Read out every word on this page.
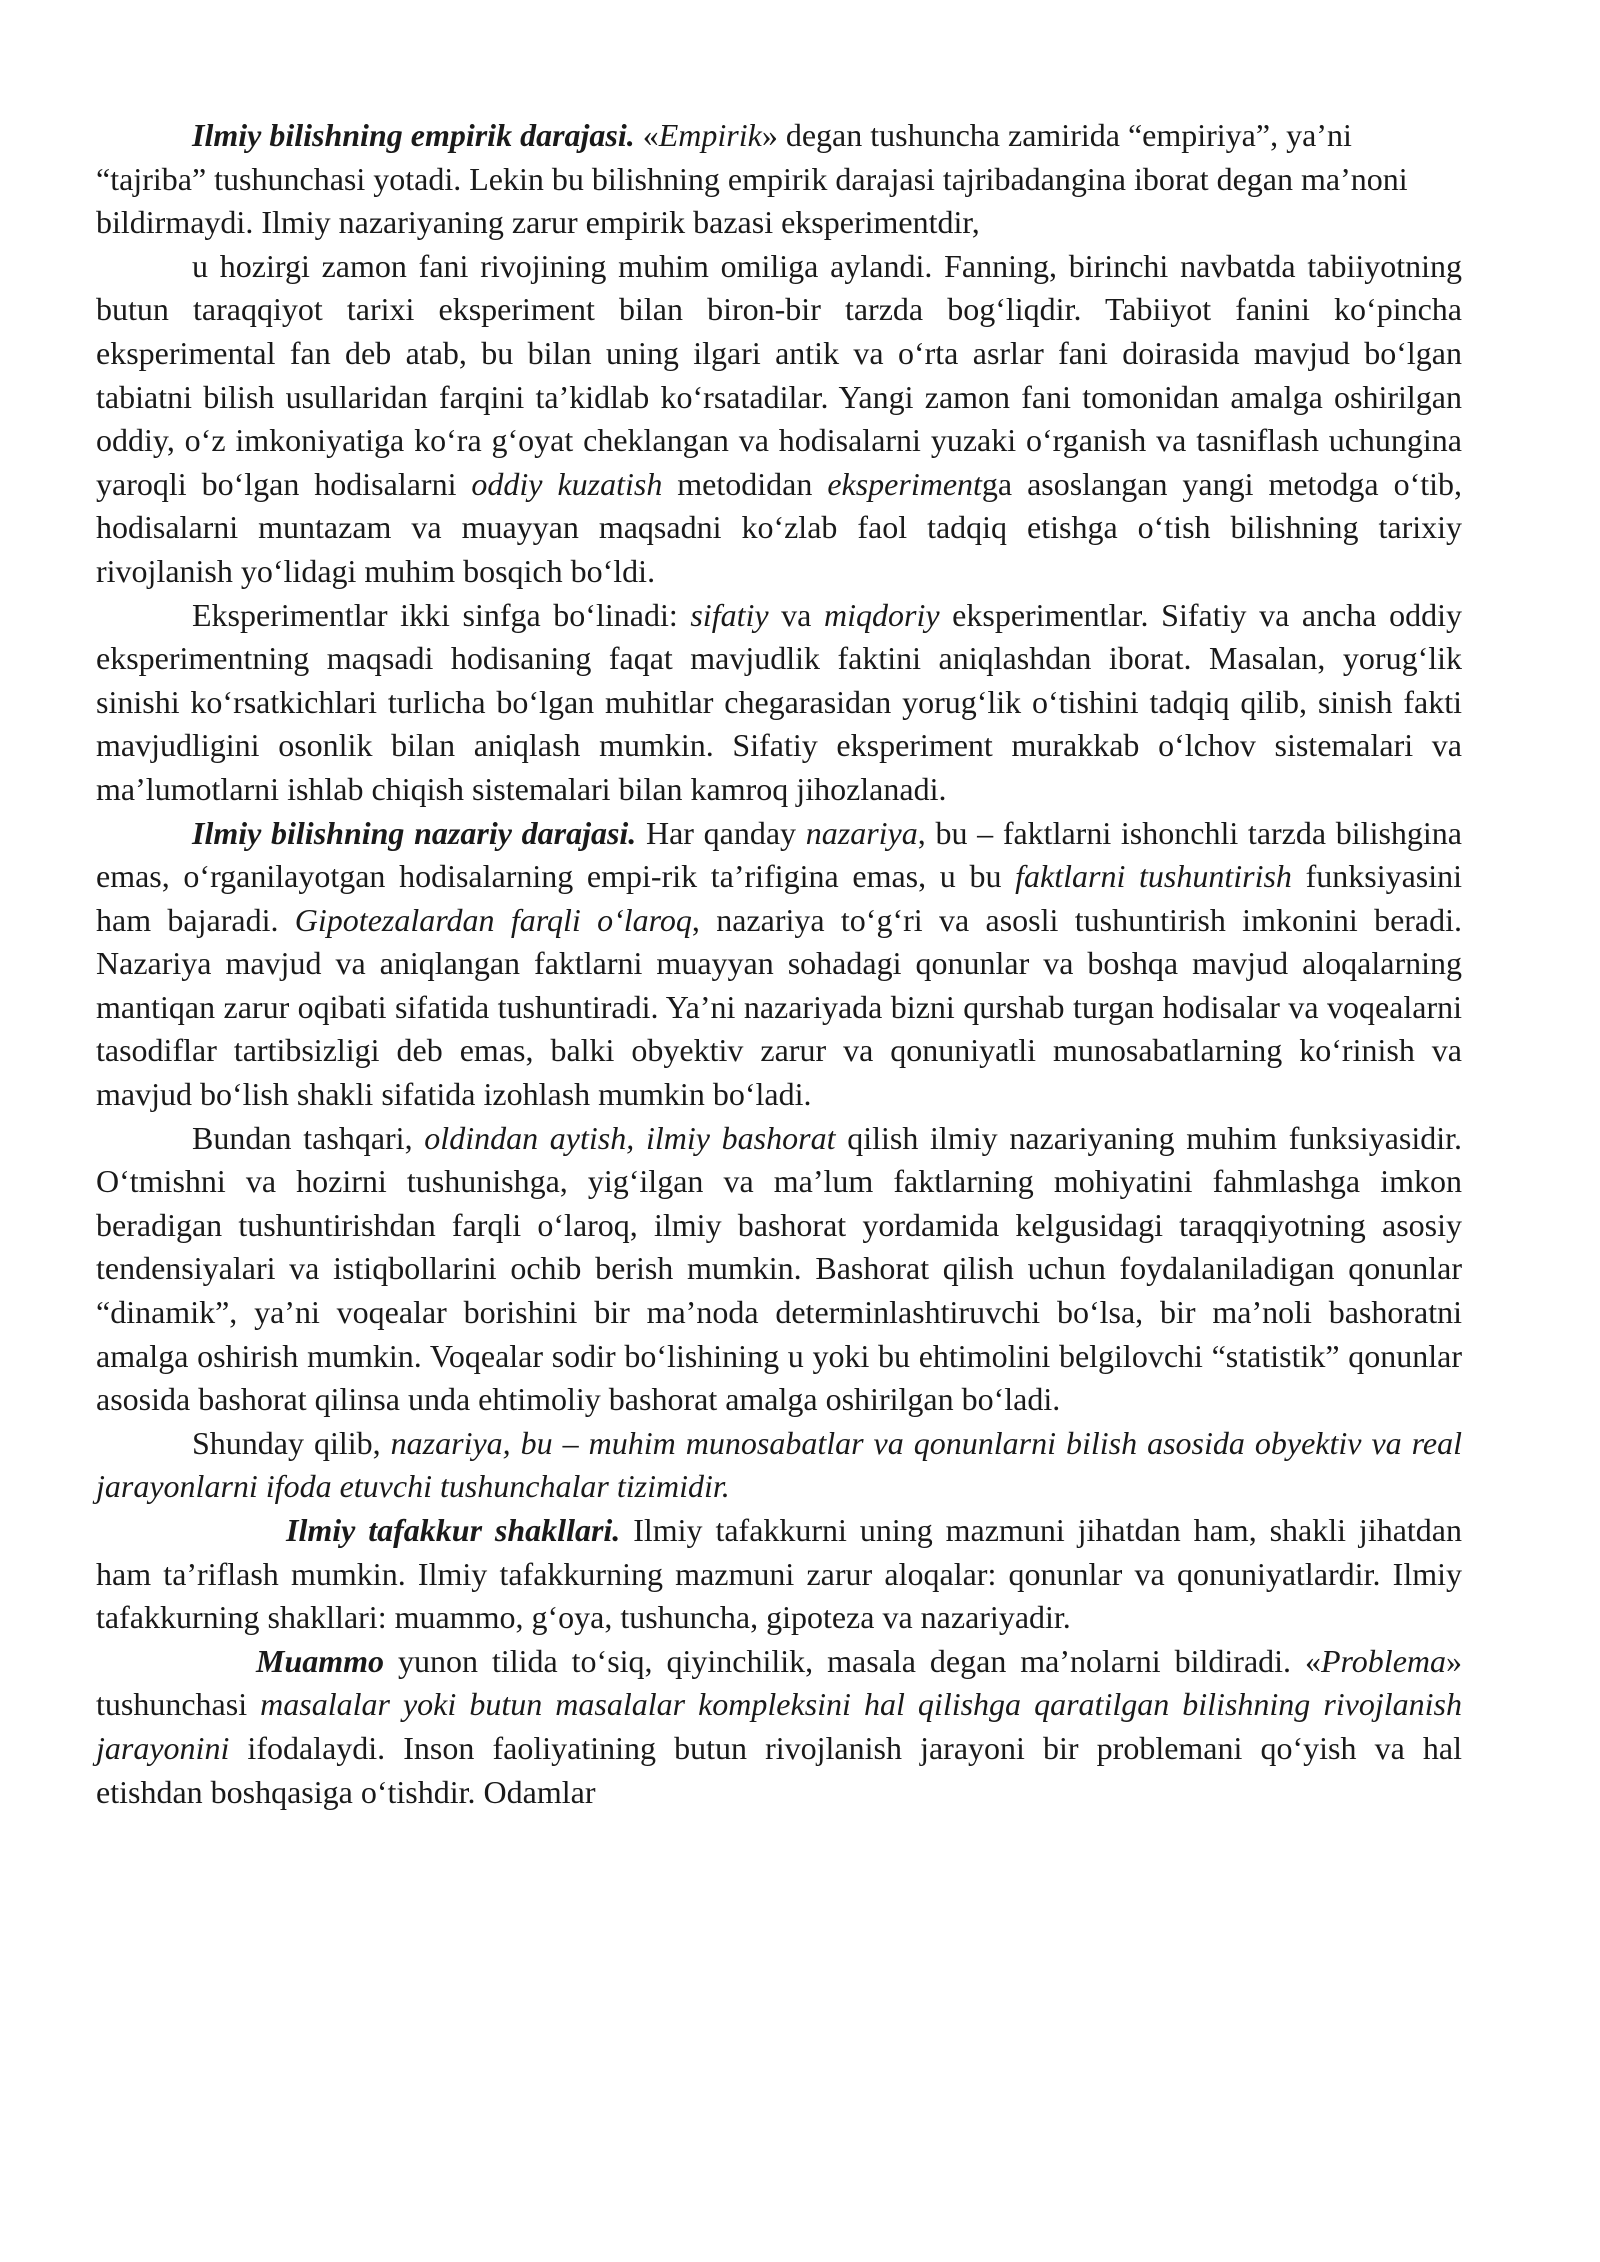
Ilmiy bilishning empirik darajasi. «Empirik» degan tushuncha zamirida “empiriya”, ya’ni “tajriba” tushunchasi yotadi. Lekin bu bilishning empirik darajasi tajribadangina iborat degan ma’noni bildirmaydi. Ilmiy nazariyaning zarur empirik bazasi eksperimentdir,

u hozirgi zamon fani rivojining muhim omiliga aylandi. Fanning, birinchi navbatda tabiiyotning butun taraqqiyot tarixi eksperiment bilan biron-bir tarzda bog‘liqdir. Tabiiyot fanini ko‘pincha eksperimental fan deb atab, bu bilan uning ilgari antik va o‘rta asrlar fani doirasida mavjud bo‘lgan tabiatni bilish usullaridan farqini ta’kidlab ko‘rsatadilar. Yangi zamon fani tomonidan amalga oshirilgan oddiy, o‘z imkoniyatiga ko‘ra g‘oyat cheklangan va hodisalarni yuzaki o‘rganish va tasniflash uchungina yaroqli bo‘lgan hodisalarni oddiy kuzatish metodidan eksperimentga asoslangan yangi metodga o‘tib, hodisalarni muntazam va muayyan maqsadni ko‘zlab faol tadqiq etishga o‘tish bilishning tarixiy rivojlanish yo‘lidagi muhim bosqich bo‘ldi.

Eksperimentlar ikki sinfga bo‘linadi: sifatiy va miqdoriy eksperimentlar. Sifatiy va ancha oddiy eksperimentning maqsadi hodisaning faqat mavjudlik faktini aniqlashdan iborat. Masalan, yorug‘lik sinishi ko‘rsatkichlari turlicha bo‘lgan muhitlar chegarasidan yorug‘lik o‘tishini tadqiq qilib, sinish fakti mavjudligini osonlik bilan aniqlash mumkin. Sifatiy eksperiment murakkab o‘lchov sistemalari va ma’lumotlarni ishlab chiqish sistemalari bilan kamroq jihozlanadi.

Ilmiy bilishning nazariy darajasi. Har qanday nazariya, bu – faktlarni ishonchli tarzda bilishgina emas, o‘rganilayotgan hodisalarning empi-rik ta’rifigina emas, u bu faktlarni tushuntirish funksiyasini ham bajaradi. Gipotezalardan farqli o‘laroq, nazariya to‘g‘ri va asosli tushuntirish imkonini beradi. Nazariya mavjud va aniqlangan faktlarni muayyan sohadagi qonunlar va boshqa mavjud aloqalarning mantiqan zarur oqibati sifatida tushuntiradi. Ya’ni nazariyada bizni qurshab turgan hodisalar va voqealarni tasodiflar tartibsizligi deb emas, balki obyektiv zarur va qonuniyatli munosabatlarning ko‘rinish va mavjud bo‘lish shakli sifatida izohlash mumkin bo‘ladi.

Bundan tashqari, oldindan aytish, ilmiy bashorat qilish ilmiy nazariyaning muhim funksiyasidir. O‘tmishni va hozirni tushunishga, yig‘ilgan va ma’lum faktlarning mohiyatini fahmlashga imkon beradigan tushuntirishdan farqli o‘laroq, ilmiy bashorat yordamida kelgusidagi taraqqiyotning asosiy tendensiyalari va istiqbollarini ochib berish mumkin. Bashorat qilish uchun foydalaniladigan qonunlar “dinamik”, ya’ni voqealar borishini bir ma’noda determinlashtiruvchi bo‘lsa, bir ma’noli bashoratni amalga oshirish mumkin. Voqealar sodir bo‘lishining u yoki bu ehtimolini belgilovchi “statistik” qonunlar asosida bashorat qilinsa unda ehtimoliy bashorat amalga oshirilgan bo‘ladi.

Shunday qilib, nazariya, bu – muhim munosabatlar va qonunlarni bilish asosida obyektiv va real jarayonlarni ifoda etuvchi tushunchalar tizimidir.

Ilmiy tafakkur shakllari. Ilmiy tafakkurni uning mazmuni jihatdan ham, shakli jihatdan ham ta’riflash mumkin. Ilmiy tafakkurning mazmuni zarur aloqalar: qonunlar va qonuniyatlardir. Ilmiy tafakkurning shakllari: muammo, g‘oya, tushuncha, gipoteza va nazariyadir.

Muammo yunon tilida to‘siq, qiyinchilik, masala degan ma’nolarni bildiradi. «Problema» tushunchasi masalalar yoki butun masalalar kompleksini hal qilishga qaratilgan bilishning rivojlanish jarayonini ifodalaydi. Inson faoliyatining butun rivojlanish jarayoni bir problemani qo‘yish va hal etishdan boshqasiga o‘tishdir. Odamlar
